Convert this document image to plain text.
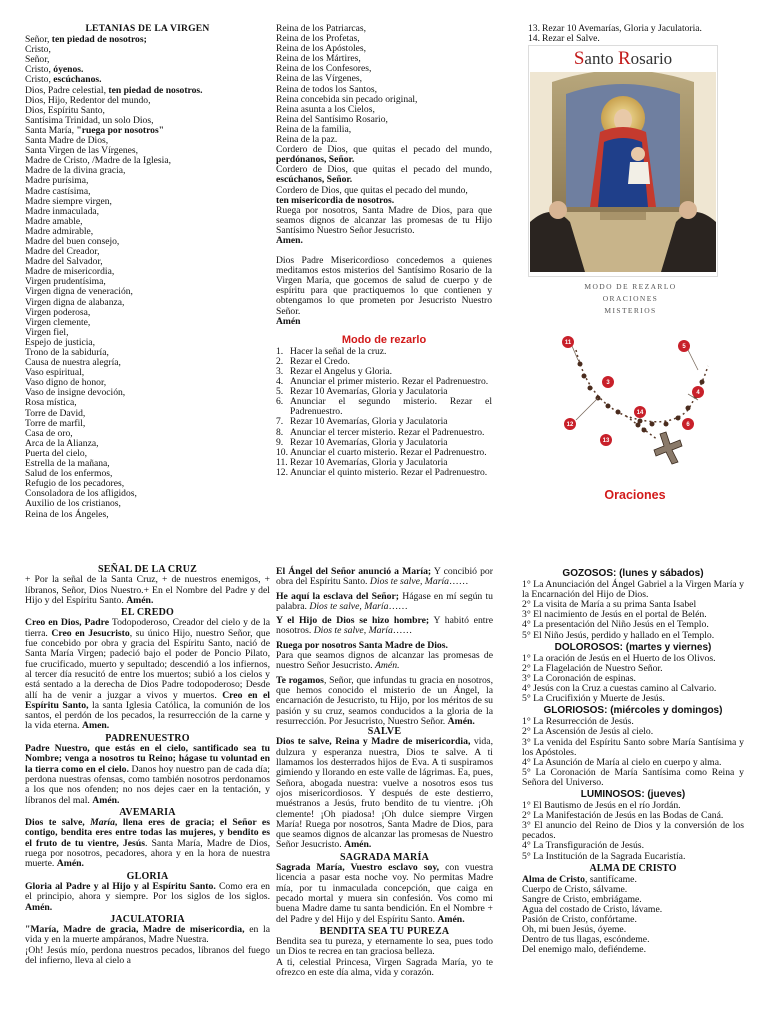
LETANIAS DE LA VIRGEN

Señor, ten piedad de nosotros;

Cristo,

Señor,

Cristo, óyenos.

Cristo, escúchanos.

Dios, Padre celestial, ten piedad de nosotros.

Dios, Hijo, Redentor del mundo,

Dios, Espíritu Santo,

Santísima Trinidad, un solo Dios,

Santa María, "ruega por nosotros"

Santa Madre de Dios,

Santa Virgen de las Vírgenes,

Madre de Cristo, /Madre de la Iglesia,

Madre de la divina gracia,

Madre purísima,

Madre castísima,

Madre siempre virgen,

Madre inmaculada,

Madre amable,

Madre admirable,

Madre del buen consejo,

Madre del Creador,

Madre del Salvador,

Madre de misericordia,

Virgen prudentísima,

Virgen digna de veneración,

Virgen digna de alabanza,

Virgen poderosa,

Virgen clemente,

Virgen fiel,

Espejo de justicia,

Trono de la sabiduría,

Causa de nuestra alegría,

Vaso espiritual,

Vaso digno de honor,

Vaso de insigne devoción,

Rosa mística,

Torre de David,

Torre de marfil,

Casa de oro,

Arca de la Alianza,

Puerta del cielo,

Estrella de la mañana,

Salud de los enfermos,

Refugio de los pecadores,

Consoladora de los afligidos,

Auxilio de los cristianos,

Reina de los Ángeles,

Reina de los Patriarcas,

Reina de los Profetas,

Reina de los Apóstoles,

Reina de los Mártires,

Reina de los Confesores,

Reina de las Vírgenes,

Reina de todos los Santos,

Reina concebida sin pecado original,

Reina asunta a los Cielos,

Reina del Santísimo Rosario,

Reina de la familia,

Reina de la paz.

Cordero de Dios, que quitas el pecado del mundo, perdónanos, Señor.

Cordero de Dios, que quitas el pecado del mundo, escúchanos, Señor.

Cordero de Dios, que quitas el pecado del mundo,
ten misericordia de nosotros.

Ruega por nosotros, Santa Madre de Dios, para que seamos dignos de alcanzar las promesas de tu Hijo Santísimo Nuestro Señor Jesucristo.
Amen.

Dios Padre Misericordioso concedemos a quienes meditamos estos misterios del Santísimo Rosario de la Virgen María, que gocemos de salud de cuerpo y de espíritu para que practiquemos lo que contienen y obtengamos lo que prometen por Jesucristo Nuestro Señor.
Amén

Modo de rezarlo
1. Hacer la señal de la cruz.
2. Rezar el Credo.
3. Rezar el Angelus y Gloria.
4. Anunciar el primer misterio. Rezar el Padrenuestro.
5. Rezar 10 Avemarías, Gloria y Jaculatoria
6. Anunciar el segundo misterio. Rezar el Padrenuestro.
7. Rezar 10 Avemarías, Gloria y Jaculatoria
8. Anunciar el tercer misterio. Rezar el Padrenuestro.
9. Rezar 10 Avemarías, Gloria y Jaculatoria
10. Anunciar el cuarto misterio. Rezar el Padrenuestro.
11. Rezar 10 Avemarías, Gloria y Jaculatoria
12. Anunciar el quinto misterio. Rezar el Padrenuestro.
13. Rezar 10 Avemarías, Gloria y Jaculatoria.
14. Rezar el Salve.
Santo Rosario
MODO DE REZARLO
ORACIONES
MISTERIOS
11
5
4
12
13
14
6
3
Oraciones
SEÑAL DE LA CRUZ

+ Por la señal de la Santa Cruz, + de nuestros enemigos, + líbranos, Señor, Dios Nuestro.+ En el Nombre del Padre y del Hijo y del Espíritu Santo. Amén.

EL CREDO

Creo en Dios, Padre Todopoderoso, Creador del cielo y de la tierra. Creo en Jesucristo, su único Hijo, nuestro Señor, que fue concebido por obra y gracia del Espíritu Santo, nació de Santa María Virgen; padeció bajo el poder de Poncio Pilato, fue crucificado, muerto y sepultado; descendió a los infiernos, al tercer día resucitó de entre los muertos; subió a los cielos y está sentado a la derecha de Dios Padre todopoderoso; Desde allí ha de venir a juzgar a vivos y muertos. Creo en el Espíritu Santo, la santa Iglesia Católica, la comunión de los santos, el perdón de los pecados, la resurrección de la carne y la vida eterna. Amen.

PADRENUESTRO

Padre Nuestro, que estás en el cielo, santificado sea tu Nombre; venga a nosotros tu Reino; hágase tu voluntad en la tierra como en el cielo. Danos hoy nuestro pan de cada día; perdona nuestras ofensas, como también nosotros perdonamos a los que nos ofenden; no nos dejes caer en la tentación, y líbranos del mal. Amén.

AVEMARIA

Dios te salve, María, llena eres de gracia; el Señor es contigo, bendita eres entre todas las mujeres, y bendito es el fruto de tu vientre, Jesús. Santa María, Madre de Dios, ruega por nosotros, pecadores, ahora y en la hora de nuestra muerte. Amén.

GLORIA

Gloria al Padre y al Hijo y al Espíritu Santo. Como era en el principio, ahora y siempre. Por los siglos de los siglos. Amén.

JACULATORIA

"María, Madre de gracia, Madre de misericordia, en la vida y en la muerte ampáranos, Madre Nuestra.

¡Oh! Jesús mío, perdona nuestros pecados, líbranos del fuego del infierno, lleva al cielo a

El Ángel del Señor anunció a María; Y concibió por obra del Espíritu Santo. Dios te salve, María……

He aquí la esclava del Señor; Hágase en mí según tu palabra. Dios te salve, María……

Y el Hijo de Dios se hizo hombre; Y habitó entre nosotros. Dios te salve, María……

Ruega por nosotros Santa Madre de Dios.
Para que seamos dignos de alcanzar las promesas de nuestro Señor Jesucristo. Amén.

Te rogamos, Señor, que infundas tu gracia en nosotros, que hemos conocido el misterio de un Ángel, la encarnación de Jesucristo, tu Hijo, por los méritos de su pasión y su cruz, seamos conducidos a la gloria de la resurrección. Por Jesucristo, Nuestro Señor. Amén.

SALVE

Dios te salve, Reina y Madre de misericordia, vida, dulzura y esperanza nuestra, Dios te salve. A ti llamamos los desterrados hijos de Eva. A ti suspiramos gimiendo y llorando en este valle de lágrimas. Ea, pues, Señora, abogada nuestra: vuelve a nosotros esos tus ojos misericordiosos. Y después de este destierro, muéstranos a Jesús, fruto bendito de tu vientre. ¡Oh clemente! ¡Oh piadosa! ¡Oh dulce siempre Virgen María! Ruega por nosotros, Santa Madre de Dios, para que seamos dignos de alcanzar las promesas de Nuestro Señor Jesucristo. Amén.

SAGRADA MARÍA

Sagrada María, Vuestro esclavo soy, con vuestra licencia a pasar esta noche voy. No permitas Madre mía, por tu inmaculada concepción, que caiga en pecado mortal y muera sin confesión. Vos como mi buena Madre dame tu santa bendición. En el Nombre + del Padre y del Hijo y del Espíritu Santo. Amén.

BENDITA SEA TU PUREZA

Bendita sea tu pureza, y eternamente lo sea, pues todo un Dios te recrea en tan graciosa belleza.

A ti, celestial Princesa, Virgen Sagrada María, yo te ofrezco en este día alma, vida y corazón.

GOZOSOS: (lunes y sábados)

1° La Anunciación del Ángel Gabriel a la Virgen María y la Encarnación del Hijo de Dios.

2° La visita de María a su prima Santa Isabel

3° El nacimiento de Jesús en el portal de Belén.

4° La presentación del Niño Jesús en el Templo.

5° El Niño Jesús, perdido y hallado en el Templo.

DOLOROSOS: (martes y viernes)

1° La oración de Jesús en el Huerto de los Olivos.

2° La Flagelación de Nuestro Señor.

3° La Coronación de espinas.

4° Jesús con la Cruz a cuestas camino al Calvario.

5° La Crucifixión y Muerte de Jesús.

GLORIOSOS: (miércoles y domingos)

1° La Resurrección de Jesús.

2° La Ascensión de Jesús al cielo.

3° La venida del Espíritu Santo sobre María Santísima y los Apóstoles.

4° La Asunción de María al cielo en cuerpo y alma.

5° La Coronación de María Santísima como Reina y Señora del Universo.

LUMINOSOS: (jueves)

1° El Bautismo de Jesús en el río Jordán.

2° La Manifestación de Jesús en las Bodas de Caná.

3° El anuncio del Reino de Dios y la conversión de los pecados.

4° La Transfiguración de Jesús.

5° La Institución de la Sagrada Eucaristía.

ALMA DE CRISTO

Alma de Cristo, santifícame.

Cuerpo de Cristo, sálvame.

Sangre de Cristo, embriágame.

Agua del costado de Cristo, lávame.

Pasión de Cristo, confórtame.

Oh, mi buen Jesús, óyeme.

Dentro de tus llagas, escóndeme.

Del enemigo malo, defiéndeme.
